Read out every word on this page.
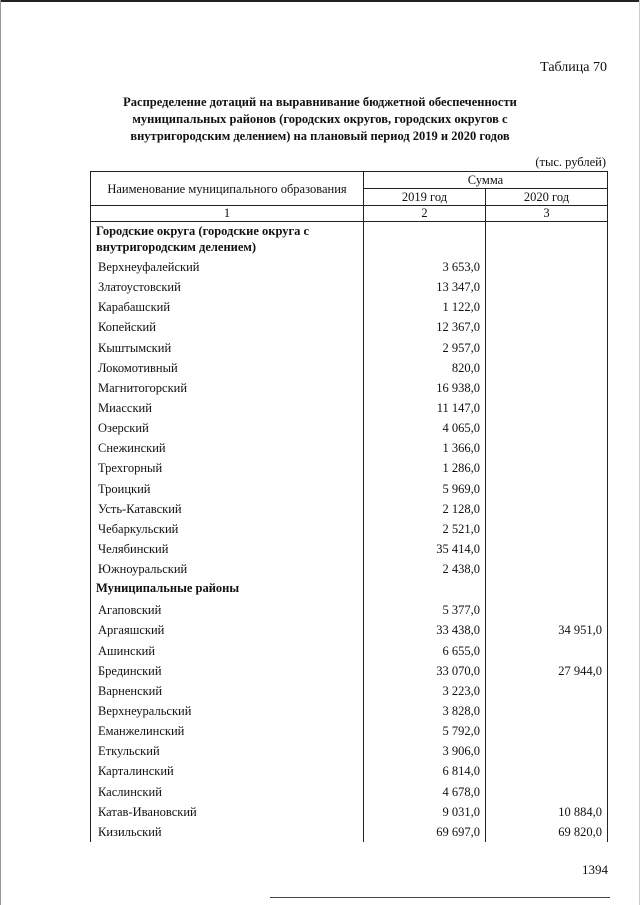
Таблица 70
Распределение дотаций на выравнивание бюджетной обеспеченности
муниципальных районов (городских округов, городских округов с
внутригородским делением) на плановый период 2019 и 2020 годов
(тыс. рублей)
Наименование муниципального образования	Сумма	
	2019 год	2020 год
1	2	3
Городские округа (городские округа с внутригородским делением)		
Верхнеуфалейский	3 653,0	
Златоустовский	13 347,0	
Карабашский	1 122,0	
Копейский	12 367,0	
Кыштымский	2 957,0	
Локомотивный	820,0	
Магнитогорский	16 938,0	
Миасский	11 147,0	
Озерский	4 065,0	
Снежинский	1 366,0	
Трехгорный	1 286,0	
Троицкий	5 969,0	
Усть-Катавский	2 128,0	
Чебаркульский	2 521,0	
Челябинский	35 414,0	
Южноуральский	2 438,0	
Муниципальные районы		
Агаповский	5 377,0	
Аргаяшский	33 438,0	34 951,0
Ашинский	6 655,0	
Брединский	33 070,0	27 944,0
Варненский	3 223,0	
Верхнеуральский	3 828,0	
Еманжелинский	5 792,0	
Еткульский	3 906,0	
Карталинский	6 814,0	
Каслинский	4 678,0	
Катав-Ивановский	9 031,0	10 884,0
Кизильский	69 697,0	69 820,0
1394
